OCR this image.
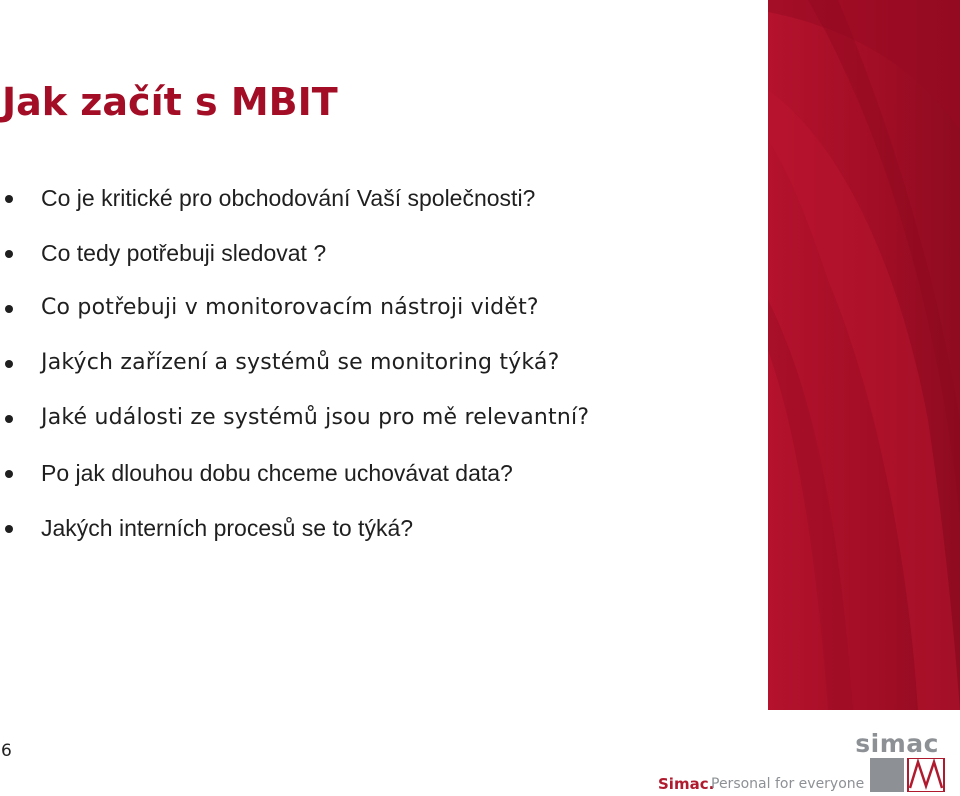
Jak začít s MBIT
Co je kritické pro obchodování Vaší společnosti?
Co tedy potřebuji sledovat ?
Co potřebuji v monitorovacím nástroji vidět?
Jakých zařízení a systémů se monitoring týká?
Jaké události ze systémů jsou pro mě relevantní?
Po jak dlouhou dobu chceme uchovávat data?
Jakých interních procesů se to týká?
6	simac
Simac.
Personal for everyone
